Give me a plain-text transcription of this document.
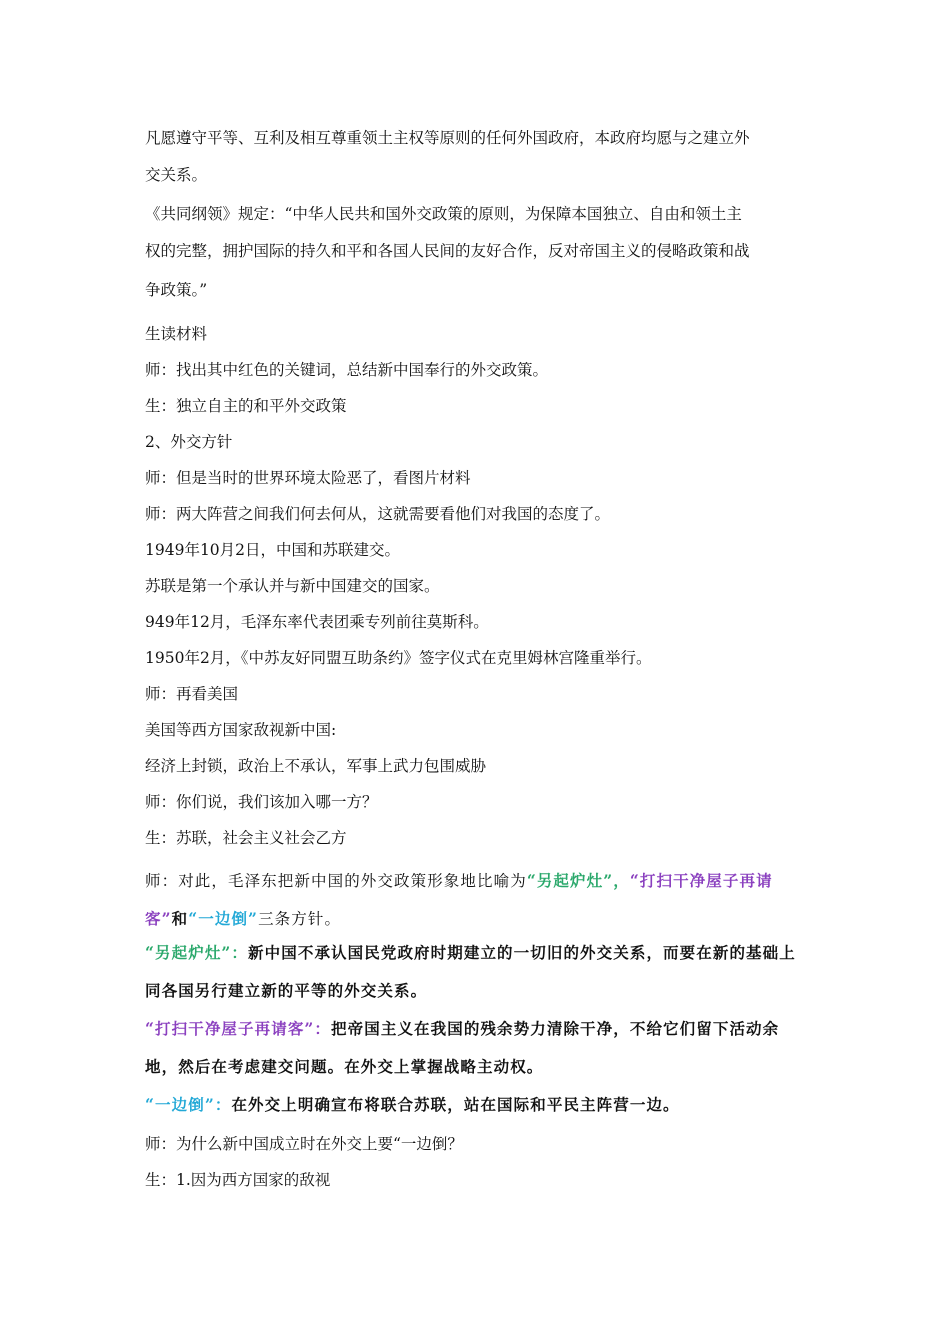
凡愿遵守平等、互利及相互尊重领土主权等原则的任何外国政府，本政府均愿与之建立外

交关系。

《共同纲领》规定：“中华人民共和国外交政策的原则，为保障本国独立、自由和领土主

权的完整，拥护国际的持久和平和各国人民间的友好合作，反对帝国主义的侵略政策和战

争政策。”

生读材料

师：找出其中红色的关键词，总结新中国奉行的外交政策。

生：独立自主的和平外交政策

2、外交方针

师：但是当时的世界环境太险恶了，看图片材料

师：两大阵营之间我们何去何从，这就需要看他们对我国的态度了。

1949年10月2日，中国和苏联建交。

苏联是第一个承认并与新中国建交的国家。

949年12月，毛泽东率代表团乘专列前往莫斯科。

1950年2月，《中苏友好同盟互助条约》签字仪式在克里姆林宫隆重举行。

师：再看美国

美国等西方国家敌视新中国:

经济上封锁，政治上不承认，军事上武力包围威胁

师：你们说，我们该加入哪一方？

生：苏联，社会主义社会乙方

师：对此，毛泽东把新中国的外交政策形象地比喻为“另起炉灶”，“打扫干净屋子再请客”和“一边倒”三条方针。

“另起炉灶”：新中国不承认国民党政府时期建立的一切旧的外交关系，而要在新的基础上同各国另行建立新的平等的外交关系。

“打扫干净屋子再请客”：把帝国主义在我国的残余势力清除干净，不给它们留下活动余地，然后在考虑建交问题。在外交上掌握战略主动权。

“一边倒”：在外交上明确宣布将联合苏联，站在国际和平民主阵营一边。

师：为什么新中国成立时在外交上要“一边倒？

生：1.因为西方国家的敌视
